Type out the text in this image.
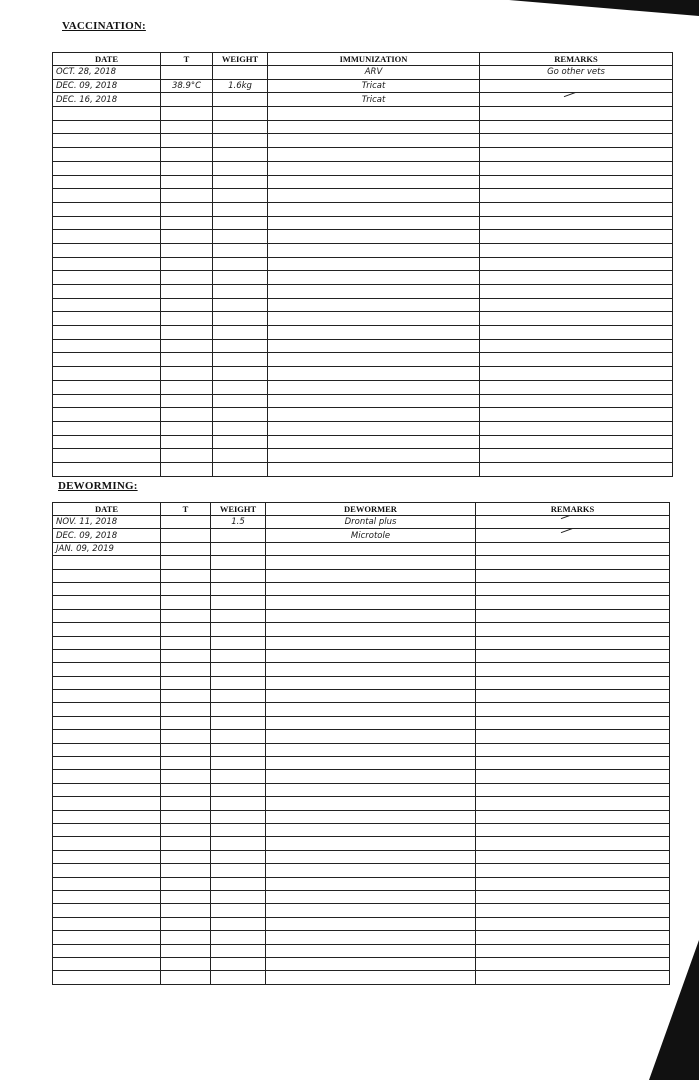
VACCINATION:
DATE	T	WEIGHT	IMMUNIZATION	REMARKS
OCT. 28, 2018			ARV	Go other vets
DEC. 09, 2018	38.9°C	1.6kg	Tricat	
DEC. 16, 2018			Tricat	

DEWORMING:
DATE	T	WEIGHT	DEWORMER	REMARKS
NOV. 11, 2018		1.5	Drontal plus	
DEC. 09, 2018			Microtole	
JAN. 09, 2019				
